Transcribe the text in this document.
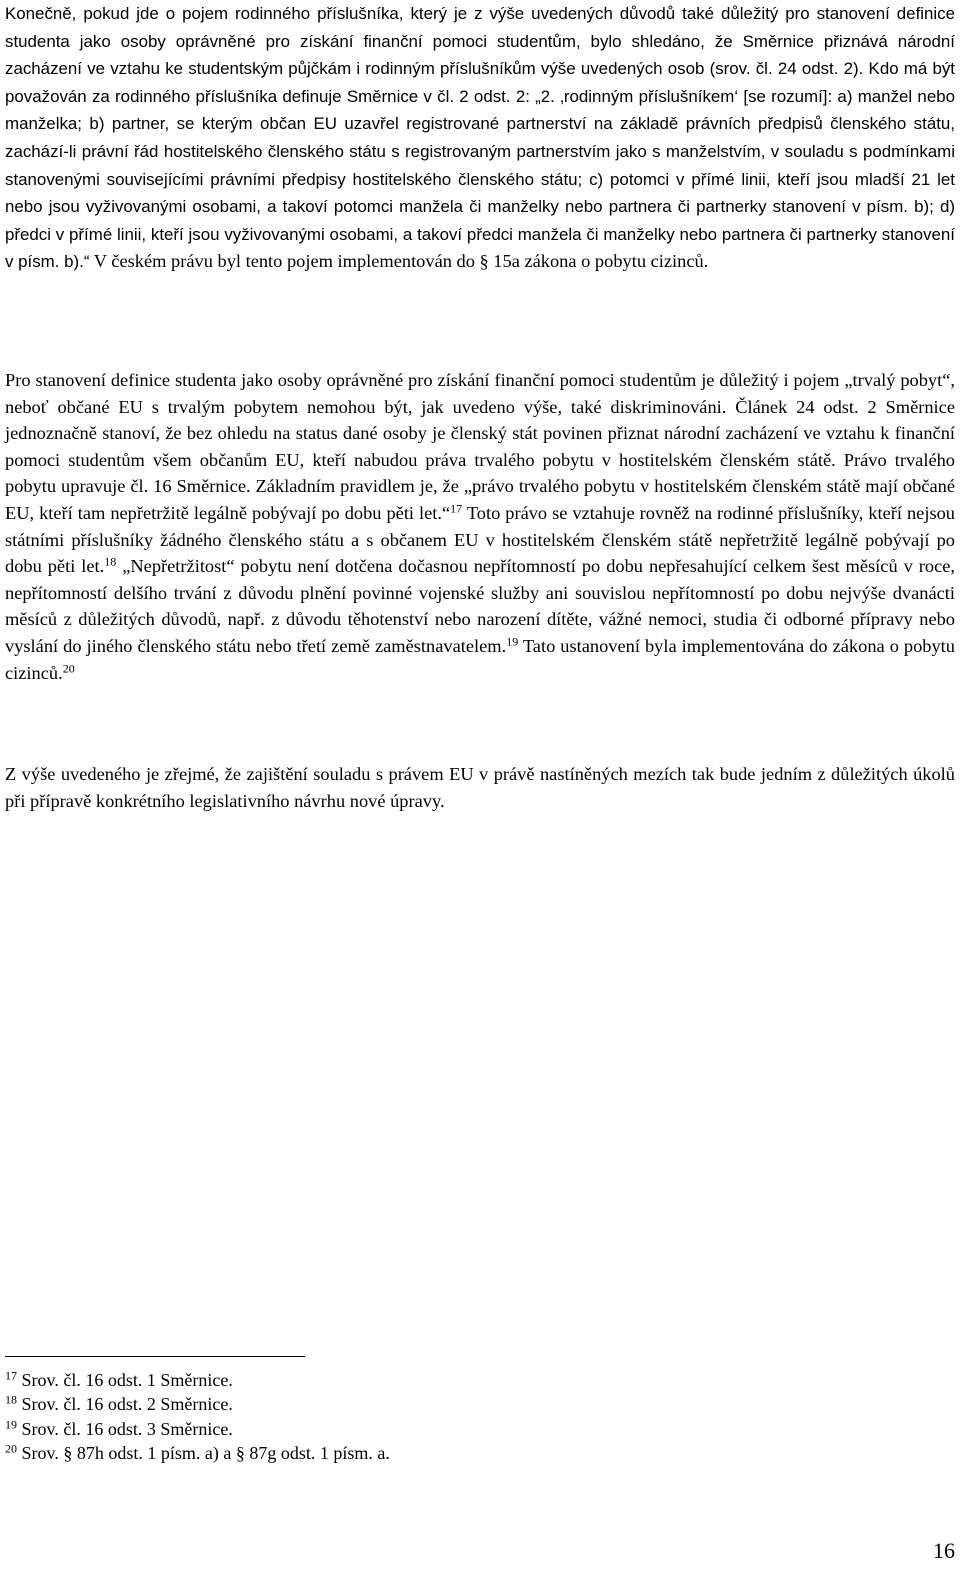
Konečně, pokud jde o pojem rodinného příslušníka, který je z výše uvedených důvodů také důležitý pro stanovení definice studenta jako osoby oprávněné pro získání finanční pomoci studentům, bylo shledáno, že Směrnice přiznává národní zacházení ve vztahu ke studentským půjčkám i rodinným příslušníkům výše uvedených osob (srov. čl. 24 odst. 2). Kdo má být považován za rodinného příslušníka definuje Směrnice v čl. 2 odst. 2: „2. ‚rodinným příslušníkem‘ [se rozumí]: a) manžel nebo manželka; b) partner, se kterým občan EU uzavřel registrované partnerství na základě právních předpisů členského státu, zachází-li právní řád hostitelského členského státu s registrovaným partnerstvím jako s manželstvím, v souladu s podmínkami stanovenými souvisejícími právními předpisy hostitelského členského státu; c) potomci v přímé linii, kteří jsou mladší 21 let nebo jsou vyživovanými osobami, a takoví potomci manžela či manželky nebo partnera či partnerky stanovení v písm. b); d) předci v přímé linii, kteří jsou vyživovanými osobami, a takoví předci manžela či manželky nebo partnera či partnerky stanovení v písm. b).“ V českém právu byl tento pojem implementován do § 15a zákona o pobytu cizinců.

Pro stanovení definice studenta jako osoby oprávněné pro získání finanční pomoci studentům je důležitý i pojem „trvalý pobyt“, neboť občané EU s trvalým pobytem nemohou být, jak uvedeno výše, také diskriminováni. Článek 24 odst. 2 Směrnice jednoznačně stanoví, že bez ohledu na status dané osoby je členský stát povinen přiznat národní zacházení ve vztahu k finanční pomoci studentům všem občanům EU, kteří nabudou práva trvalého pobytu v hostitelském členském státě. Právo trvalého pobytu upravuje čl. 16 Směrnice. Základním pravidlem je, že „právo trvalého pobytu v hostitelském členském státě mají občané EU, kteří tam nepřetržitě legálně pobývají po dobu pěti let.“$^{17}$ Toto právo se vztahuje rovněž na rodinné příslušníky, kteří nejsou státními příslušníky žádného členského státu a s občanem EU v hostitelském členském státě nepřetržitě legálně pobývají po dobu pěti let.$^{18}$ „Nepřetržitost“ pobytu není dotčena dočasnou nepřítomností po dobu nepřesahující celkem šest měsíců v roce, nepřítomností delšího trvání z důvodu plnění povinné vojenské služby ani souvislou nepřítomností po dobu nejvýše dvanácti měsíců z důležitých důvodů, např. z důvodu těhotenství nebo narození dítěte, vážné nemoci, studia či odborné přípravy nebo vyslání do jiného členského státu nebo třetí země zaměstnavatelem.$^{19}$ Tato ustanovení byla implementována do zákona o pobytu cizinců.$^{20}$

Z výše uvedeného je zřejmé, že zajištění souladu s právem EU v právě nastíněných mezích tak bude jedním z důležitých úkolů při přípravě konkrétního legislativního návrhu nové úpravy.

$^{17}$ Srov. čl. 16 odst. 1 Směrnice.
$^{18}$ Srov. čl. 16 odst. 2 Směrnice.
$^{19}$ Srov. čl. 16 odst. 3 Směrnice.
$^{20}$ Srov. § 87h odst. 1 písm. a) a § 87g odst. 1 písm. a.
16
